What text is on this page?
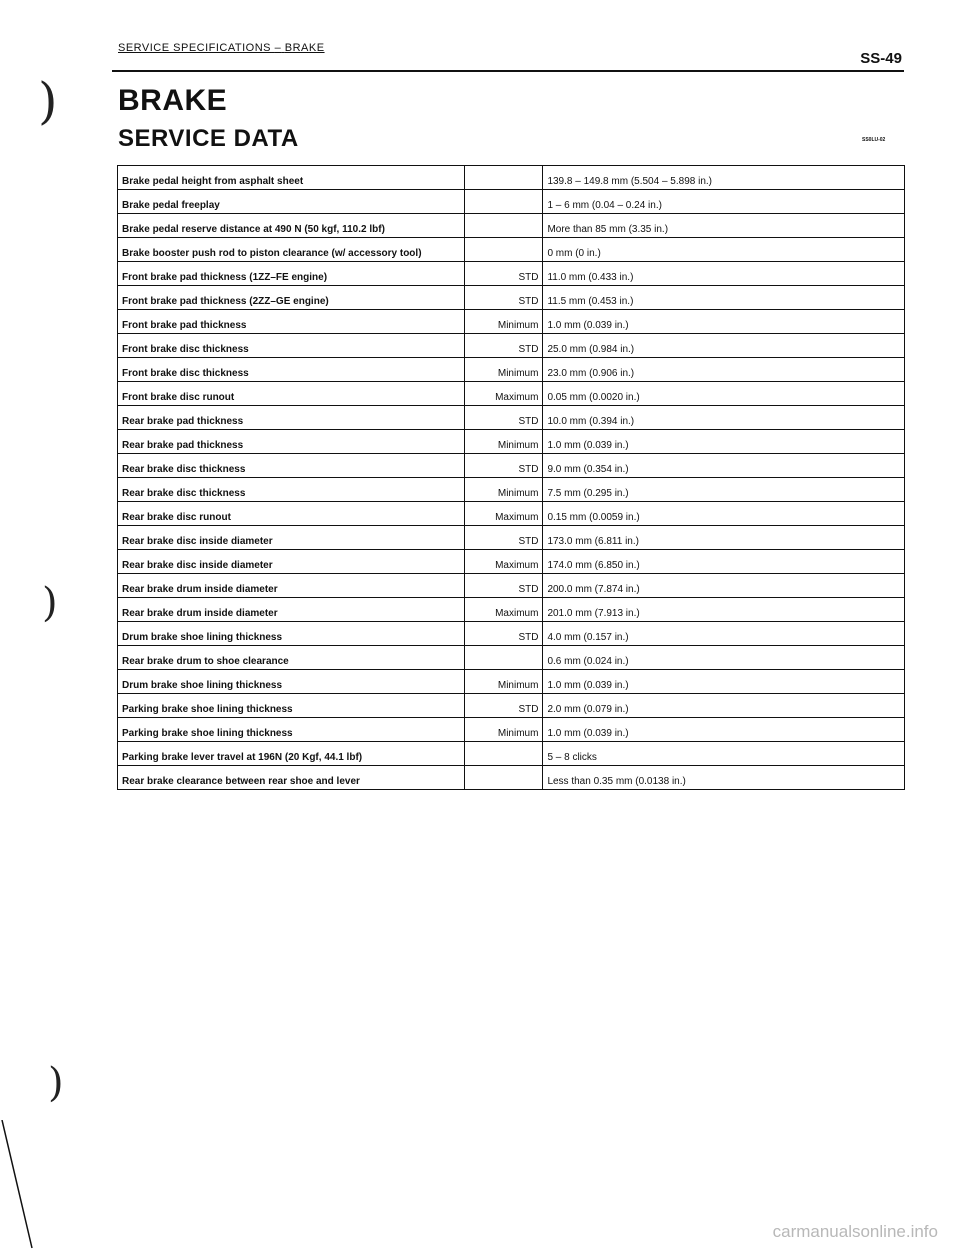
SERVICE SPECIFICATIONS – BRAKE
SS-49
BRAKE
SERVICE DATA	SS0LU-02
Brake pedal height from asphalt sheet		139.8 – 149.8 mm (5.504 – 5.898 in.)
Brake pedal freeplay		1 – 6 mm (0.04 – 0.24 in.)
Brake pedal reserve distance at 490 N (50 kgf, 110.2 lbf)		More than 85 mm (3.35 in.)
Brake booster push rod to piston clearance (w/ accessory tool)		0 mm (0 in.)
Front brake pad thickness (1ZZ–FE engine)	STD	11.0 mm (0.433 in.)
Front brake pad thickness (2ZZ–GE engine)	STD	11.5 mm (0.453 in.)
Front brake pad thickness	Minimum	1.0 mm (0.039 in.)
Front brake disc thickness	STD	25.0 mm (0.984 in.)
Front brake disc thickness	Minimum	23.0 mm (0.906 in.)
Front brake disc runout	Maximum	0.05 mm (0.0020 in.)
Rear brake pad thickness	STD	10.0 mm (0.394 in.)
Rear brake pad thickness	Minimum	1.0 mm (0.039 in.)
Rear brake disc thickness	STD	9.0 mm (0.354 in.)
Rear brake disc thickness	Minimum	7.5 mm (0.295 in.)
Rear brake disc runout	Maximum	0.15 mm (0.0059 in.)
Rear brake disc inside diameter	STD	173.0 mm (6.811 in.)
Rear brake disc inside diameter	Maximum	174.0 mm (6.850 in.)
Rear brake drum inside diameter	STD	200.0 mm (7.874 in.)
Rear brake drum inside diameter	Maximum	201.0 mm (7.913 in.)
Drum brake shoe lining thickness	STD	4.0 mm (0.157 in.)
Rear brake drum to shoe clearance		0.6 mm (0.024 in.)
Drum brake shoe lining thickness	Minimum	1.0 mm (0.039 in.)
Parking brake shoe lining thickness	STD	2.0 mm (0.079 in.)
Parking brake shoe lining thickness	Minimum	1.0 mm (0.039 in.)
Parking brake lever travel at 196N (20 Kgf, 44.1 lbf)		5 – 8 clicks
Rear brake clearance between rear shoe and lever		Less than 0.35 mm (0.0138 in.)
)
)
)
carmanualsonline.info
